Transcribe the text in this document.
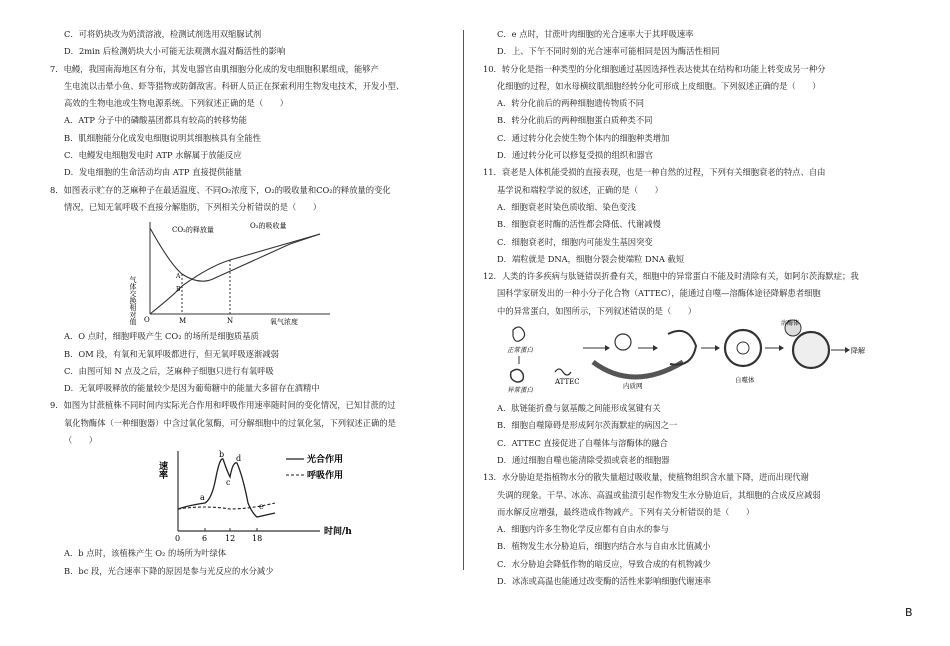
C．可将奶块改为奶渍溶液，检测试剂选用双缩脲试剂
D．2min 后检测奶块大小可能无法观测水温对酶活性的影响
7．电鳗，我国南海地区有分布，其发电器官由肌细胞分化成的发电细胞积累组成，能够产
生电流以击晕小鱼、虾等猎物或防御敌害。科研人员正在探索利用生物发电技术，开发小型、
高效的生物电池或生物电源系统。下列叙述正确的是（　　）
A．ATP 分子中的磷酸基团都具有较高的转移势能
B．肌细胞能分化成发电细胞说明其细胞核具有全能性
C．电鳗发电细胞发电时 ATP 水解属于放能反应
D．发电细胞的生命活动均由 ATP 直接提供能量
8．如图表示贮存的芝麻种子在最适温度、不同O₂浓度下，O₂的吸收量和CO₂的释放量的变化
情况，已知无氧呼吸不直接分解脂肪，下列相关分析错误的是（　　）
气体交换相对值	氧气浓度
CO₂的释放量	O₂的吸收量
O	M	N
A
B
A．O 点时，细胞呼吸产生 CO₂ 的场所是细胞质基质
B．OM 段，有氧和无氧呼吸都进行，但无氧呼吸逐渐减弱
C．由图可知 N 点及之后，芝麻种子细胞只进行有氧呼吸
D．无氧呼吸释放的能量较少是因为葡萄糖中的能量大多留存在酒精中
9．如图为甘蔗植株不同时间内实际光合作用和呼吸作用速率随时间的变化情况，已知甘蔗的过
氧化物酶体（一种细胞器）中含过氧化氢酶，可分解细胞中的过氧化氢，下列叙述正确的是
（　　）
光合作用
呼吸作用
速率
时间/h
0	6 12 18
a
b
c
d
e
A．b 点时，该植株产生 O₂ 的场所为叶绿体
B．bc 段，光合速率下降的原因是参与光反应的水分减少
C．e 点时，甘蔗叶肉细胞的光合速率大于其呼吸速率
D．上、下午不同时刻的光合速率可能相同是因为酶活性相同
10．转分化是指一种类型的分化细胞通过基因选择性表达使其在结构和功能上转变成另一种分
化细胞的过程，如水母横纹肌细胞经转分化可形成上皮细胞。下列叙述正确的是（　　）
A．转分化前后的两种细胞遗传物质不同
B．转分化前后的两种细胞蛋白质种类不同
C．通过转分化会使生物个体内的细胞种类增加
D．通过转分化可以修复受损的组织和器官
11．衰老是人体机能受损的直接表现，也是一种自然的过程，下列有关细胞衰老的特点、自由
基学说和端粒学说的叙述，正确的是（　　）
A．细胞衰老时染色质收缩、染色变浅
B．细胞衰老时酶的活性都会降低、代谢减慢
C．细胞衰老时，细胞内可能发生基因突变
D．端粒就是 DNA，细胞分裂会使端粒 DNA 截短
12．人类的许多疾病与肽链错误折叠有关，细胞中的异常蛋白不能及时清除有关，如阿尔茨海默症；我
国科学家研发出的一种小分子化合物（ATTEC），能通过自噬—溶酶体途径降解患者细胞
中的异常蛋白，如图所示，下列叙述错误的是（　　）
正常蛋白
异常蛋白
ATTEC	内质网
自噬体
溶酶体
降解
A．肽链能折叠与氨基酸之间能形成氢键有关
B．细胞自噬障碍是形成阿尔茨海默症的病因之一
C．ATTEC 直接促进了自噬体与溶酶体的融合
D．通过细胞自噬也能清除受损或衰老的细胞器
13．水分胁迫是指植物水分的散失量超过吸收量，使植物组织含水量下降，进而出现代谢
失调的现象。干旱、冰冻、高温或盐渍引起作物发生水分胁迫后，其细胞的合成反应减弱
而水解反应增强，最终造成作物减产。下列有关分析错误的是（　　）
A．细胞内许多生物化学反应都有自由水的参与
B．植物发生水分胁迫后，细胞内结合水与自由水比值减小
C．水分胁迫会降低作物的暗反应，导致合成的有机物减少
D．冰冻或高温也能通过改变酶的活性来影响细胞代谢速率
B
